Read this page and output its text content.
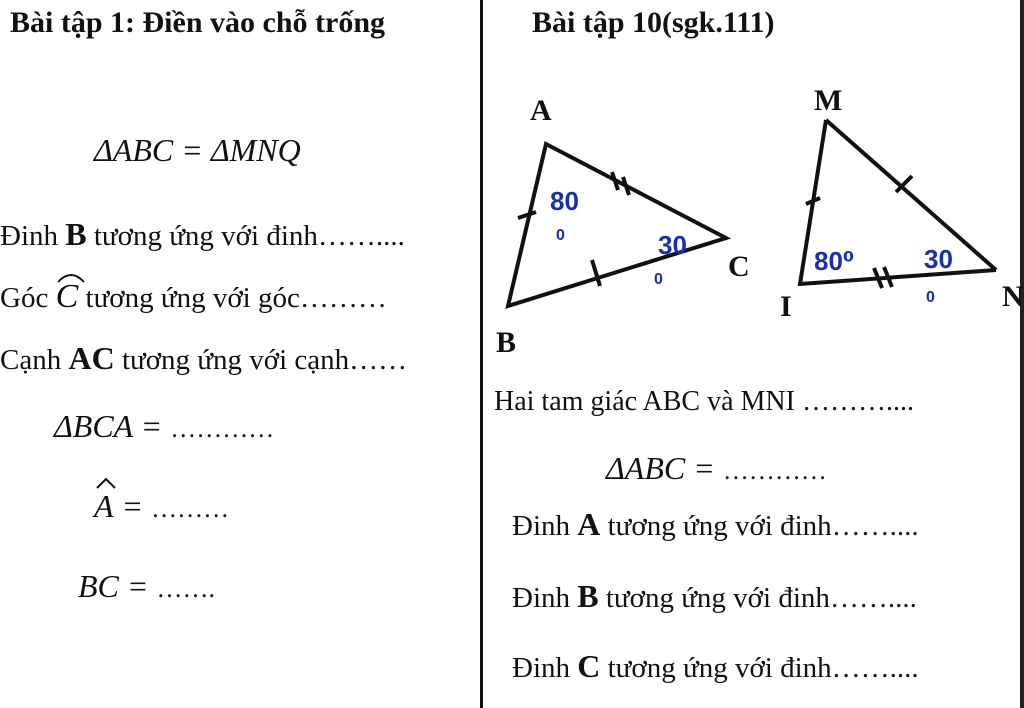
Bài tập 1: Điền vào chỗ trống
ΔABC = ΔMNQ
Đinh B tương ứng với đinh……....
Góc
C tương ứng với góc………
Cạnh AC tương ứng với cạnh……
ΔBCA = …………
A = ………
BC = …….
Bài tập 10(sgk.111)
A
B
C
80
0	30
0
M
I	N
80⁰	30
0
Hai tam giác ABC và MNI ………....
ΔABC = …………
Đinh A tương ứng với đinh……....
Đinh B tương ứng với đinh……....
Đinh C tương ứng với đinh……....
